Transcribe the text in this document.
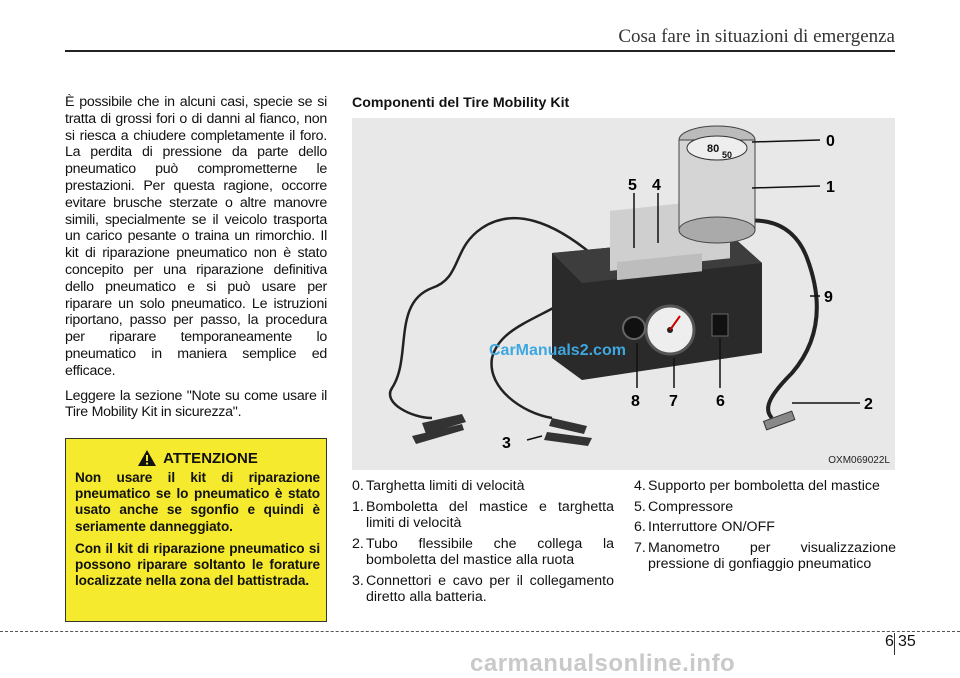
Cosa fare in situazioni di emergenza

È possibile che in alcuni casi, specie se si tratta di grossi fori o di danni al fianco, non si riesca a chiudere completamente il foro. La perdita di pressione da parte dello pneumatico può comprometterne le prestazioni. Per questa ragione, occorre evitare brusche sterzate o altre manovre simili, specialmente se il veicolo trasporta un carico pesante o traina un rimorchio. Il kit di riparazione pneumatico non è stato concepito per una riparazione definitiva dello pneumatico e si può usare per riparare un solo pneumatico. Le istruzioni riportano, passo per passo, la procedura per riparare temporaneamente lo pneumatico in maniera semplice ed efficace.

Leggere la sezione "Note su come usare il Tire Mobility Kit in sicurezza".

ATTENZIONE

Non usare il kit di riparazione pneumatico se lo pneumatico è stato usato anche se sgonfio e quindi è seriamente danneggiato.

Con il kit di riparazione pneumatico si possono riparare soltanto le forature localizzate nella zona del battistrada.

Componenti del Tire Mobility Kit
80 50
0
1
2
3
4
5
6
7
8
9
CarManuals2.com
OXM069022L
0. Targhetta limiti di velocità
1. Bomboletta del mastice e targhetta limiti di velocità
2. Tubo flessibile che collega la bomboletta del mastice alla ruota
3. Connettori e cavo per il collegamento diretto alla batteria.
4. Supporto per bomboletta del mastice
5. Compressore
6. Interruttore ON/OFF
7. Manometro per visualizzazione pressione di gonfiaggio pneumatico
6 35
carmanualsonline.info
